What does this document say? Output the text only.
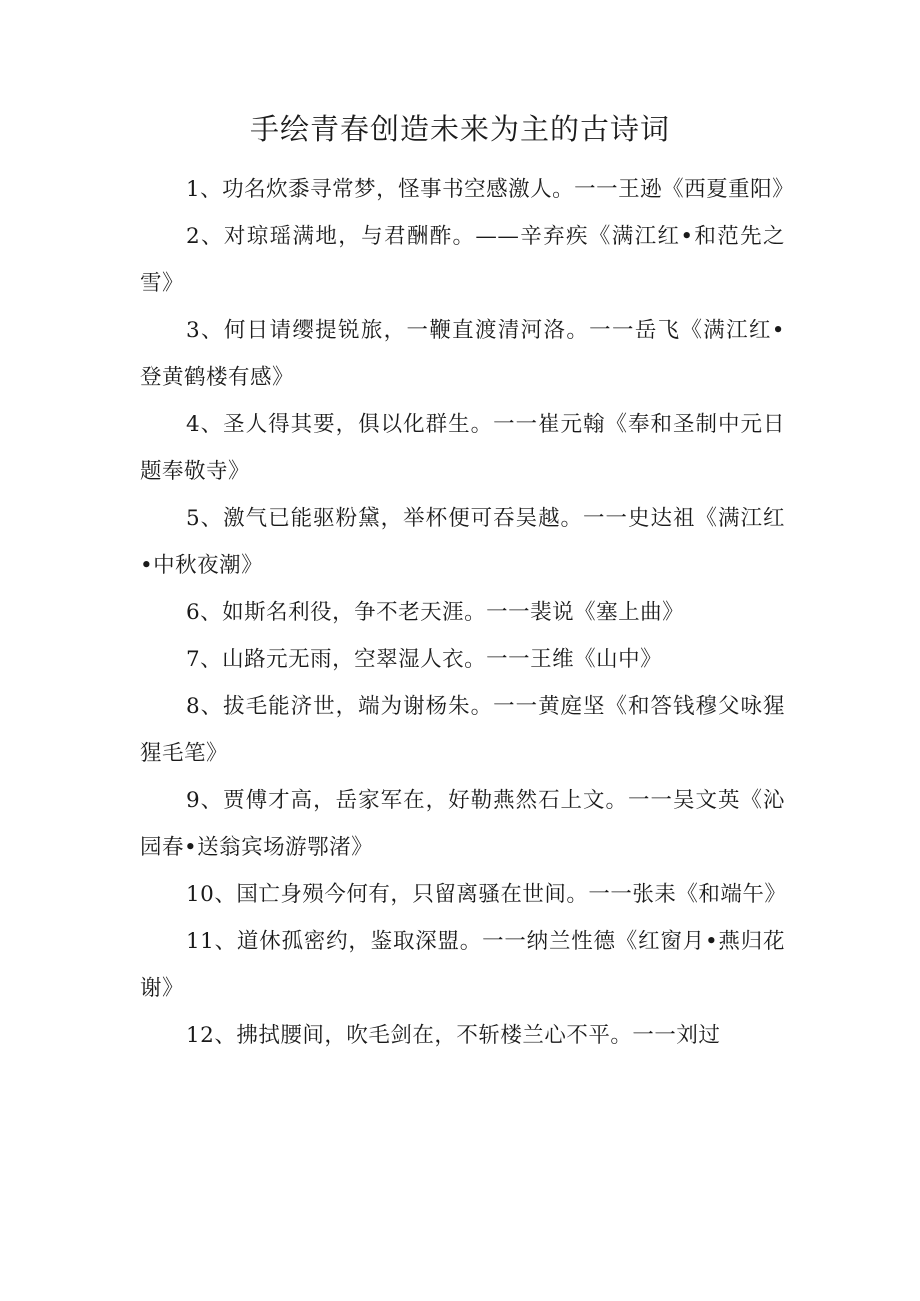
手绘青春创造未来为主的古诗词

1、功名炊黍寻常梦，怪事书空感激人。一一王逊《西夏重阳》

2、对琼瑶满地，与君酬酢。——辛弃疾《满江红•和范先之雪》

3、何日请缨提锐旅，一鞭直渡清河洛。一一岳飞《满江红•登黄鹤楼有感》

4、圣人得其要，俱以化群生。一一崔元翰《奉和圣制中元日题奉敬寺》

5、激气已能驱粉黛，举杯便可吞吴越。一一史达祖《满江红•中秋夜潮》

6、如斯名利役，争不老天涯。一一裴说《塞上曲》

7、山路元无雨，空翠湿人衣。一一王维《山中》

8、拔毛能济世，端为谢杨朱。一一黄庭坚《和答钱穆父咏猩猩毛笔》

9、贾傅才高，岳家军在，好勒燕然石上文。一一吴文英《沁园春•送翁宾场游鄂渚》

10、国亡身殒今何有，只留离骚在世间。一一张耒《和端午》

11、道休孤密约，鉴取深盟。一一纳兰性德《红窗月•燕归花谢》

12、拂拭腰间，吹毛剑在，不斩楼兰心不平。一一刘过
